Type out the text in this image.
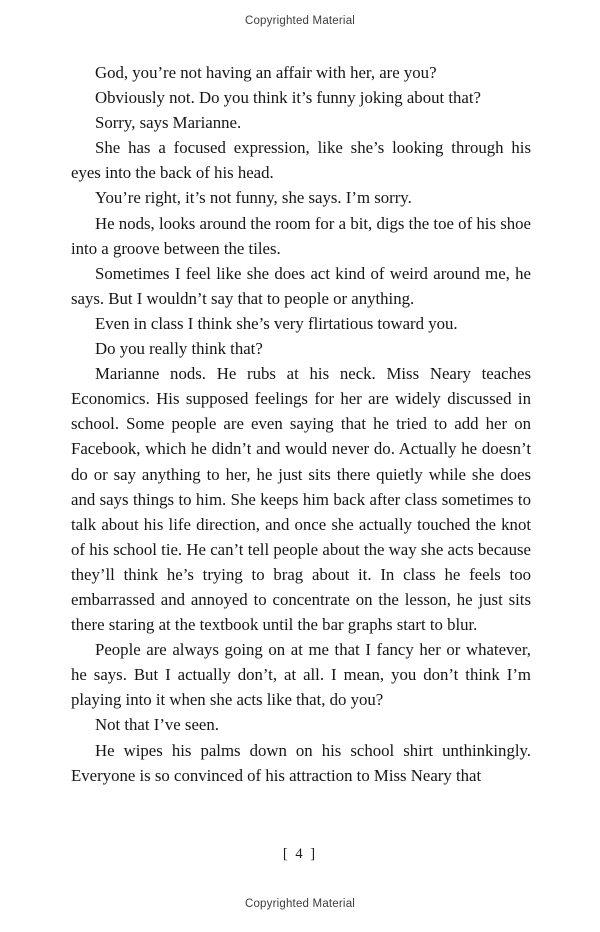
Copyrighted Material

God, you’re not having an affair with her, are you?

Obviously not. Do you think it’s funny joking about that?

Sorry, says Marianne.

She has a focused expression, like she’s looking through his eyes into the back of his head.

You’re right, it’s not funny, she says. I’m sorry.

He nods, looks around the room for a bit, digs the toe of his shoe into a groove between the tiles.

Sometimes I feel like she does act kind of weird around me, he says. But I wouldn’t say that to people or anything.

Even in class I think she’s very flirtatious toward you.

Do you really think that?

Marianne nods. He rubs at his neck. Miss Neary teaches Economics. His supposed feelings for her are widely discussed in school. Some people are even saying that he tried to add her on Facebook, which he didn’t and would never do. Actually he doesn’t do or say anything to her, he just sits there quietly while she does and says things to him. She keeps him back after class sometimes to talk about his life direction, and once she actually touched the knot of his school tie. He can’t tell people about the way she acts because they’ll think he’s trying to brag about it. In class he feels too embarrassed and annoyed to concentrate on the lesson, he just sits there staring at the textbook until the bar graphs start to blur.

People are always going on at me that I fancy her or whatever, he says. But I actually don’t, at all. I mean, you don’t think I’m playing into it when she acts like that, do you?

Not that I’ve seen.

He wipes his palms down on his school shirt unthinkingly. Everyone is so convinced of his attraction to Miss Neary that

[ 4 ]
Copyrighted Material
